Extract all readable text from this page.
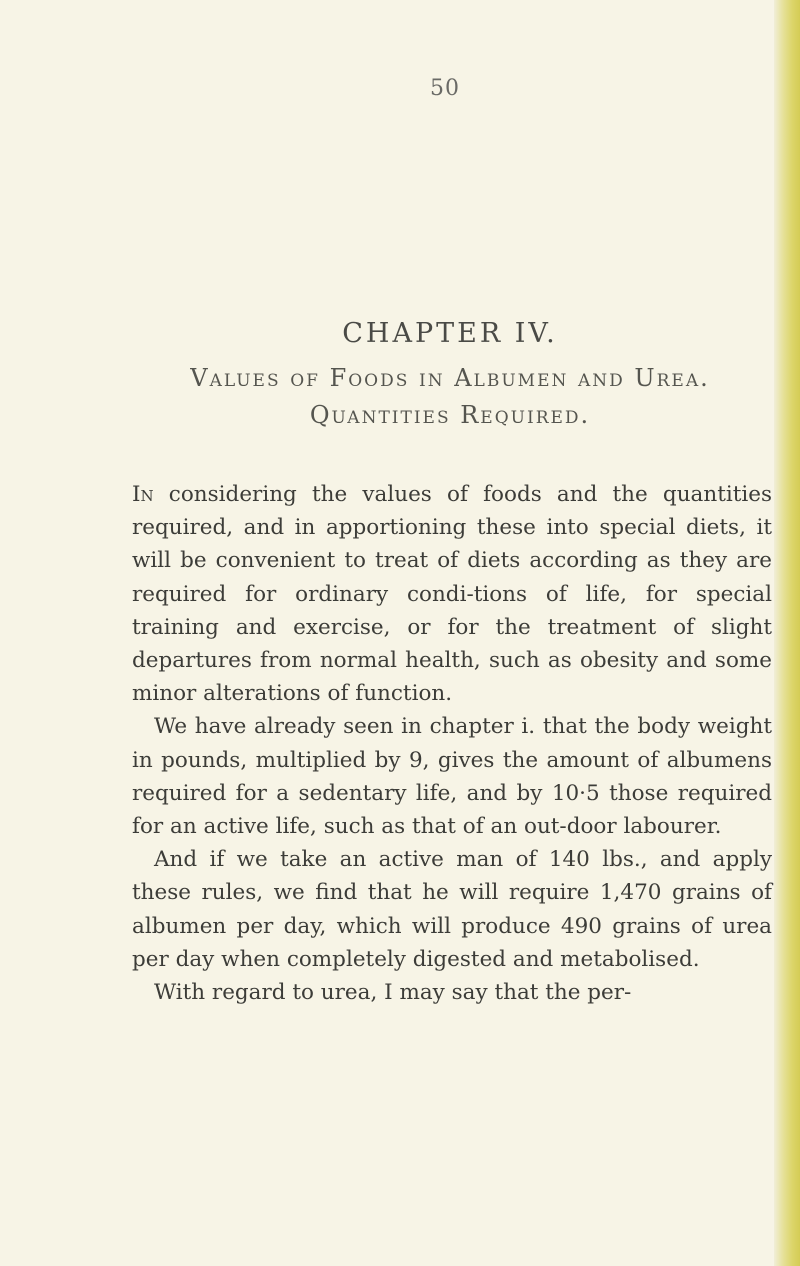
50
CHAPTER IV.
Values of Foods in Albumen and Urea. Quantities Required.

In considering the values of foods and the quantities required, and in apportioning these into special diets, it will be convenient to treat of diets according as they are required for ordinary condi-tions of life, for special training and exercise, or for the treatment of slight departures from normal health, such as obesity and some minor alterations of function.

We have already seen in chapter i. that the body weight in pounds, multiplied by 9, gives the amount of albumens required for a sedentary life, and by 10·5 those required for an active life, such as that of an out-door labourer.

And if we take an active man of 140 lbs., and apply these rules, we find that he will require 1,470 grains of albumen per day, which will produce 490 grains of urea per day when completely digested and metabolised.

With regard to urea, I may say that the per-
